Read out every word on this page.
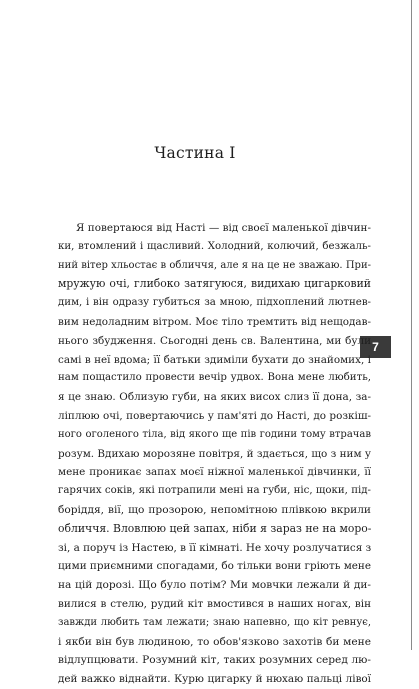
7
Частина I
Я повертаюся від Насті — від своєї маленької дівчин-
ки, втомлений і щасливий. Холодний, колючий, безжаль-
ний вітер хльостає в обличчя, але я на це не зважаю. При-
мружую очі, глибоко затягуюся, видихаю цигарковий
дим, і він одразу губиться за мною, підхоплений лютнев-
вим недоладним вітром. Моє тіло тремтить від нещодав-
нього збудження. Сьогодні день св. Валентина, ми були
самі в неї вдома; її батьки здиміли бухати до знайомих, і
нам пощастило провести вечір удвох. Вона мене любить,
я це знаю. Облизую губи, на яких висох слиз її дона, за-
ліплюю очі, повертаючись у пам'яті до Насті, до розкіш-
ного оголеного тіла, від якого ще пів години тому втрачав
розум. Вдихаю морозяне повітря, й здається, що з ним у
мене проникає запах моєї ніжної маленької дівчинки, її
гарячих соків, які потрапили мені на губи, ніс, щоки, під-
боріддя, вії, що прозорою, непомітною плівкою вкрили
обличчя. Вловлюю цей запах, ніби я зараз не на моро-
зі, а поруч із Настею, в її кімнаті. Не хочу розлучатися з
цими приємними спогадами, бо тільки вони гріють мене
на цій дорозі. Що було потім? Ми мовчки лежали й ди-
вилися в стелю, рудий кіт вмостився в наших ногах, він
завжди любить там лежати; знаю напевно, що кіт ревнує,
і якби він був людиною, то обов'язково захотів би мене
відлупцювати. Розумний кіт, таких розумних серед лю-
дей важко віднайти. Курю цигарку й нюхаю пальці лівої
